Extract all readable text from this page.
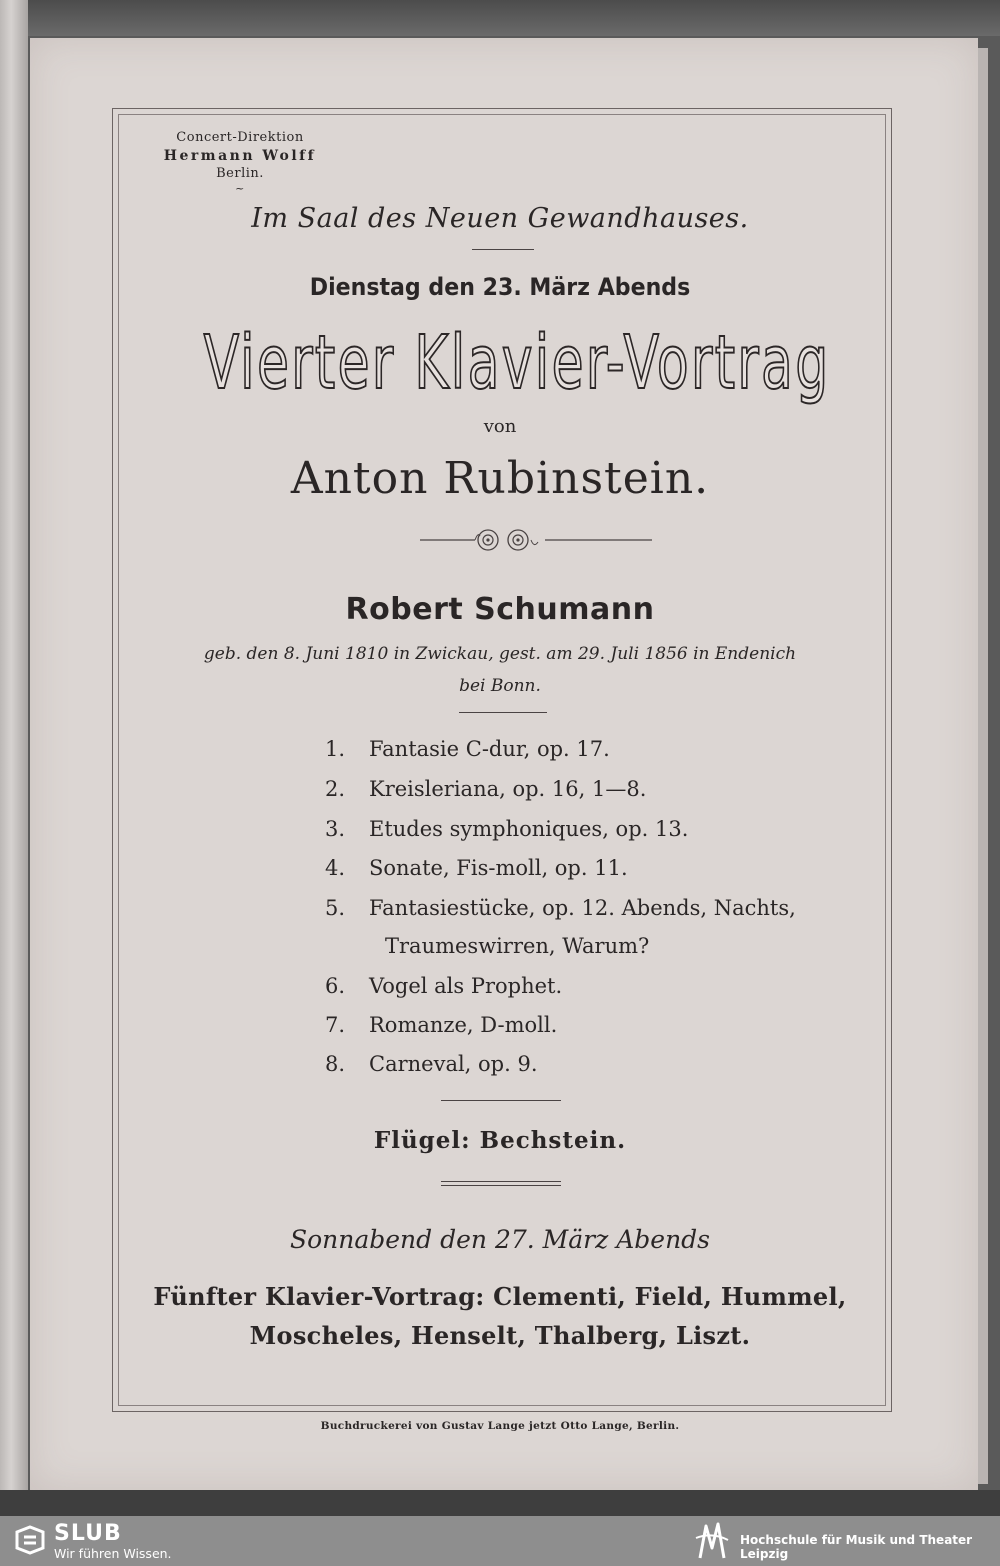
Concert-Direktion
Hermann Wolff
Berlin.
~
Im Saal des Neuen Gewandhauses.
Dienstag den 23. März Abends
Vierter Klavier-Vortrag
von
Anton Rubinstein.
Robert Schumann
geb. den 8. Juni 1810 in Zwickau, gest. am 29. Juli 1856 in Endenich
bei Bonn.
1. Fantasie C-dur, op. 17.
2. Kreisleriana, op. 16, 1—8.
3. Etudes symphoniques, op. 13.
4. Sonate, Fis-moll, op. 11.
5. Fantasiestücke, op. 12. Abends, Nachts,
Traumeswirren, Warum?
6. Vogel als Prophet.
7. Romanze, D-moll.
8. Carneval, op. 9.
Flügel: Bechstein.
Sonnabend den 27. März Abends
Fünfter Klavier-Vortrag: Clementi, Field, Hummel,
Moscheles, Henselt, Thalberg, Liszt.
Buchdruckerei von Gustav Lange jetzt Otto Lange, Berlin.
SLUB
Wir führen Wissen.
Hochschule für Musik und Theater Leipzig
